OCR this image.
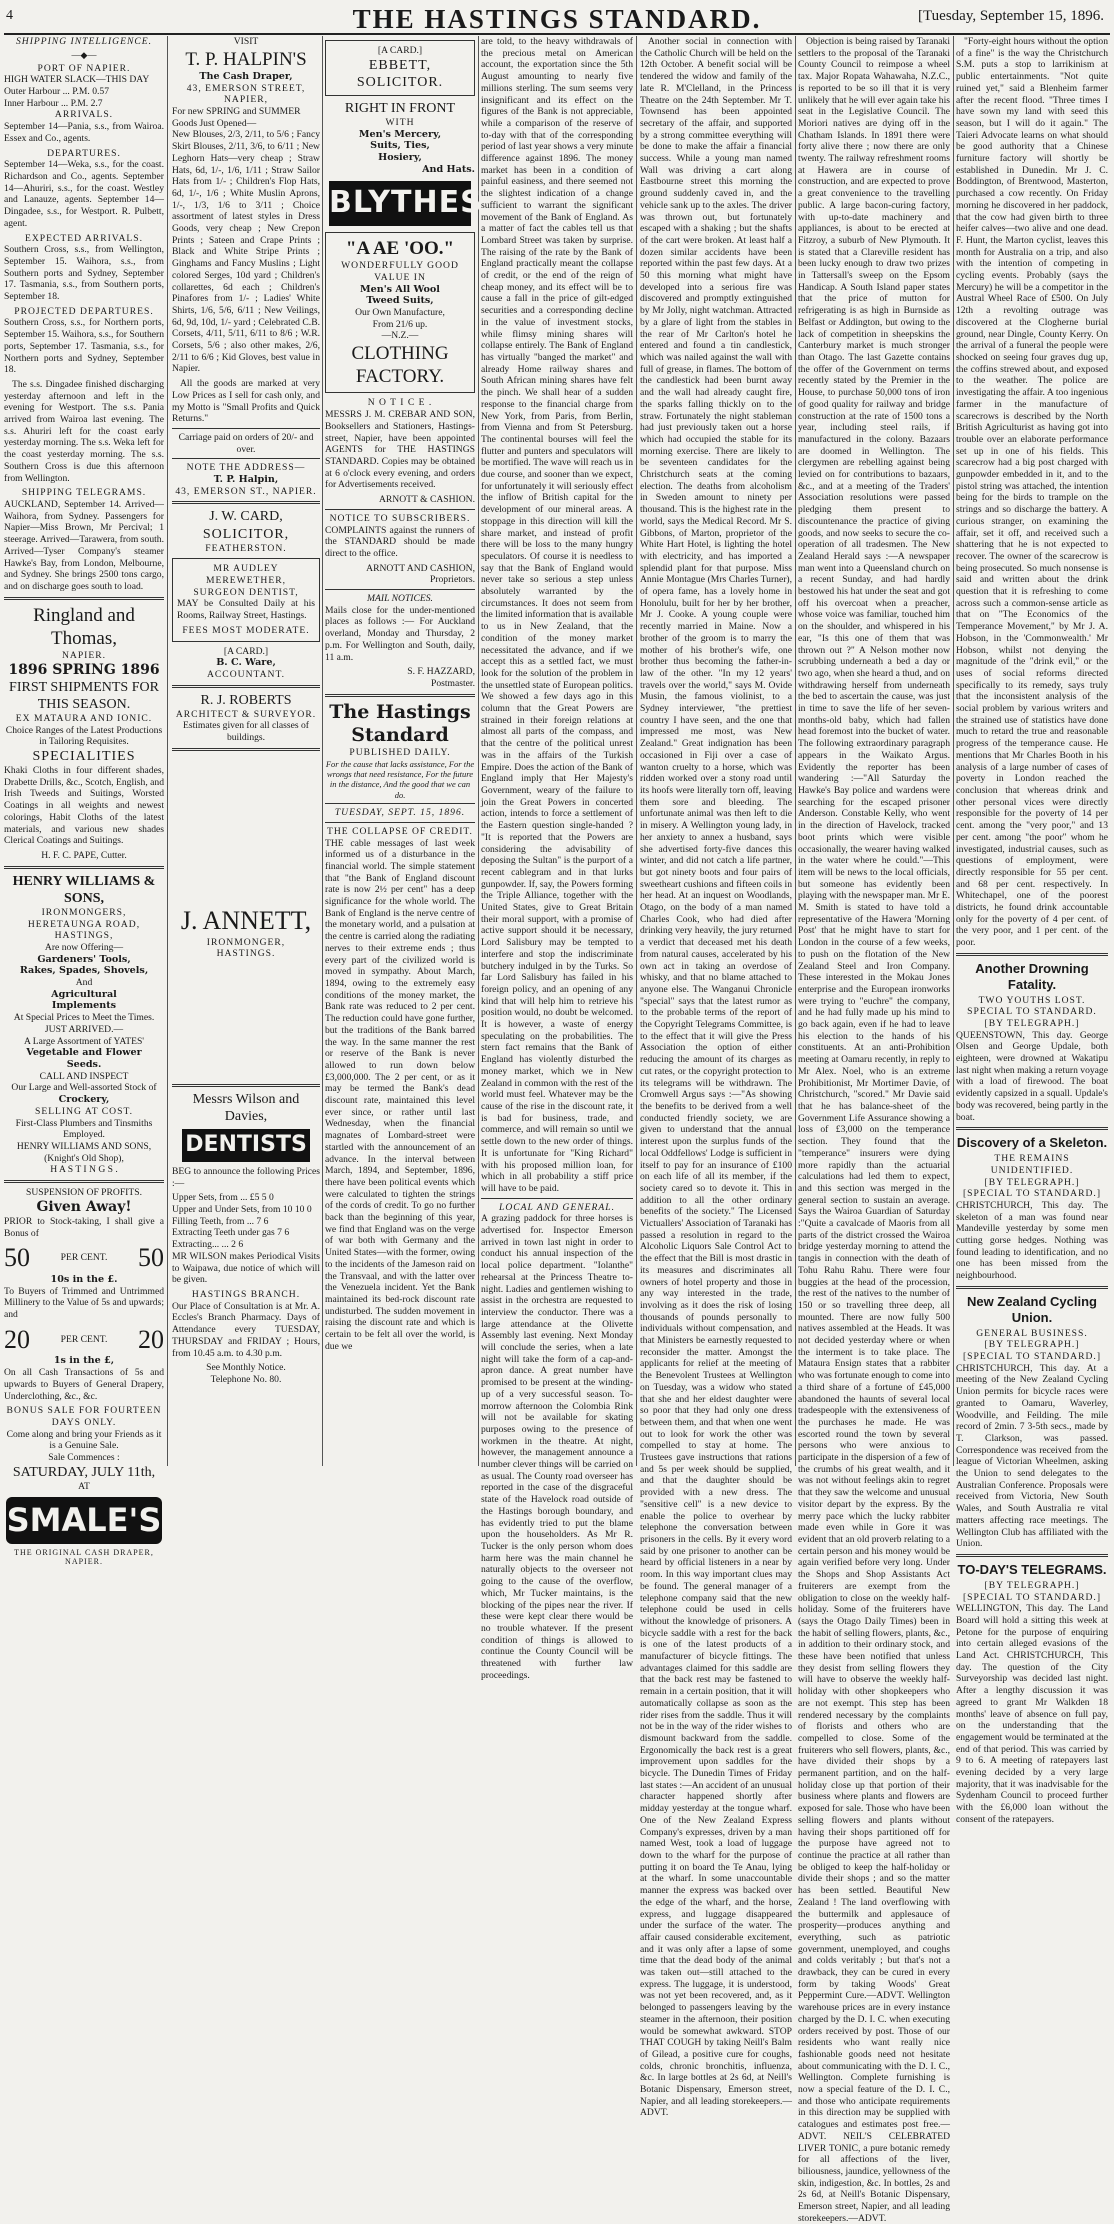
4	THE HASTINGS STANDARD.	[Tuesday, September 15, 1896.
SHIPPING INTELLIGENCE.
—◆—
PORT OF NAPIER.
HIGH WATER SLACK—THIS DAY
Outer Harbour ... P.M. 0.57
Inner Harbour ... P.M. 2.7
ARRIVALS.

September 14—Pania, s.s., from Wairoa. Essex and Co., agents.

DEPARTURES.

September 14—Weka, s.s., for the coast. Richardson and Co., agents. September 14—Ahuriri, s.s., for the coast. Westley and Lanauze, agents. September 14—Dingadee, s.s., for Westport. R. Pulbett, agent.

EXPECTED ARRIVALS.

Southern Cross, s.s., from Wellington, September 15. Waihora, s.s., from Southern ports and Sydney, September 17. Tasmania, s.s., from Southern ports, September 18.

PROJECTED DEPARTURES.

Southern Cross, s.s., for Northern ports, September 15. Waihora, s.s., for Southern ports, September 17. Tasmania, s.s., for Northern ports and Sydney, September 18.

The s.s. Dingadee finished discharging yesterday afternoon and left in the evening for Westport. The s.s. Pania arrived from Wairoa last evening. The s.s. Ahuriri left for the coast early yesterday morning. The s.s. Weka left for the coast yesterday morning. The s.s. Southern Cross is due this afternoon from Wellington.

SHIPPING TELEGRAMS.

AUCKLAND, September 14. Arrived—Waihora, from Sydney. Passengers for Napier—Miss Brown, Mr Percival; 1 steerage. Arrived—Tarawera, from south. Arrived—Tyser Company's steamer Hawke's Bay, from London, Melbourne, and Sydney. She brings 2500 tons cargo, and on discharge goes south to load.

Ringland and Thomas,
NAPIER.
1896 SPRING 1896
FIRST SHIPMENTS FOR THIS SEASON.
EX MATAURA AND IONIC.
Choice Ranges of the Latest Productions in Tailoring Requisites.
SPECIALITIES

Khaki Cloths in four different shades, Drabette Drills, &c., Scotch, English, and Irish Tweeds and Suitings, Worsted Coatings in all weights and newest colorings, Habit Cloths of the latest materials, and various new shades Clerical Coatings and Suitings.

H. F. C. PAPE, Cutter.
HENRY WILLIAMS & SONS,
IRONMONGERS,
HERETAUNGA ROAD, HASTINGS,
Are now Offering—
Gardeners' Tools,
Rakes, Spades, Shovels,
And
Agricultural
Implements
At Special Prices to Meet the Times.
JUST ARRIVED.—
A Large Assortment of YATES'
Vegetable and Flower
Seeds.
CALL AND INSPECT
Our Large and Well-assorted Stock of
Crockery,
SELLING AT COST.
First-Class Plumbers and Tinsmiths Employed.
HENRY WILLIAMS AND SONS,
(Knight's Old Shop),
H A S T I N G S .
SUSPENSION OF PROFITS.
Given Away!

PRIOR to Stock-taking, I shall give a Bonus of

50	PER CENT. 50
10s in the £.

To Buyers of Trimmed and Untrimmed Millinery to the Value of 5s and upwards; and

20	PER CENT. 20
1s in the £,

On all Cash Transactions of 5s and upwards to Buyers of General Drapery, Underclothing, &c., &c.

BONUS SALE FOR FOURTEEN DAYS ONLY.
Come along and bring your Friends as it is a Genuine Sale.
Sale Commences :
SATURDAY, JULY 11th,
AT
SMALE'S
THE ORIGINAL CASH DRAPER, NAPIER.
VISIT
T. P. HALPIN'S
The Cash Draper,
43, EMERSON STREET, NAPIER,
For new SPRING and SUMMER Goods Just Opened—

New Blouses, 2/3, 2/11, to 5/6 ; Fancy Skirt Blouses, 2/11, 3/6, to 6/11 ; New Leghorn Hats—very cheap ; Straw Hats, 6d, 1/-, 1/6, 1/11 ; Straw Sailor Hats from 1/- ; Children's Flop Hats, 6d, 1/-, 1/6 ; White Muslin Aprons, 1/-, 1/3, 1/6 to 3/11 ; Choice assortment of latest styles in Dress Goods, very cheap ; New Crepon Prints ; Sateen and Crape Prints ; Black and White Stripe Prints ; Ginghams and Fancy Muslins ; Light colored Serges, 10d yard ; Children's collarettes, 6d each ; Children's Pinafores from 1/- ; Ladies' White Shirts, 1/6, 5/6, 6/11 ; New Veilings, 6d, 9d, 10d, 1/- yard ; Celebrated C.B. Corsets, 4/11, 5/11, 6/11 to 8/6 ; W.R. Corsets, 5/6 ; also other makes, 2/6, 2/11 to 6/6 ; Kid Gloves, best value in Napier.

All the goods are marked at very Low Prices as I sell for cash only, and my Motto is "Small Profits and Quick Returns."

Carriage paid on orders of 20/- and over.
NOTE THE ADDRESS—
T. P. Halpin,
43, EMERSON ST., NAPIER.
J. W. CARD,
SOLICITOR,
FEATHERSTON.
MR AUDLEY MEREWETHER,
SURGEON DENTIST,

MAY be Consulted Daily at his Rooms, Railway Street, Hastings.

FEES MOST MODERATE.
[A CARD.]
B. C. Ware,
ACCOUNTANT.
R. J. ROBERTS
ARCHITECT & SURVEYOR.
Estimates given for all classes of buildings.
J. ANNETT,
IRONMONGER,
HASTINGS.
Messrs Wilson and Davies,
DENTISTS

BEG to announce the following Prices :—

Upper Sets, from ... £5 5 0
Upper and Under Sets, from 10 10 0
Filling Teeth, from ... 7 6
Extracting Teeth under gas 7 6
Extracting... ... 2 6

MR WILSON makes Periodical Visits to Waipawa, due notice of which will be given.

HASTINGS BRANCH.

Our Place of Consultation is at Mr. A. Eccles's Branch Pharmacy. Days of Attendance every TUESDAY, THURSDAY and FRIDAY ; Hours, from 10.45 a.m. to 4.30 p.m.

See Monthly Notice.
Telephone No. 80.
[A CARD.]
EBBETT,
SOLICITOR.
RIGHT IN FRONT
WITH
Men's Mercery,
Suits, Ties,
Hosiery,
And Hats.
BLYTHES
"A AE 'OO."
WONDERFULLY GOOD VALUE IN
Men's All Wool
Tweed Suits,
Our Own Manufacture,
From 21/6 up.
—N.Z.—
CLOTHING
FACTORY.
N O T I C E .

MESSRS J. M. CREBAR AND SON, Booksellers and Stationers, Hastings-street, Napier, have been appointed AGENTS for THE HASTINGS STANDARD. Copies may be obtained at 6 o'clock every evening, and orders for Advertisements received.

ARNOTT & CASHION.
NOTICE TO SUBSCRIBERS.

COMPLAINTS against the runners of the STANDARD should be made direct to the office.

ARNOTT AND CASHION,
Proprietors.
MAIL NOTICES.

Mails close for the under-mentioned places as follows :— For Auckland overland, Monday and Thursday, 2 p.m. For Wellington and South, daily, 11 a.m.

S. F. HAZZARD,
Postmaster.
The Hastings Standard
PUBLISHED DAILY.
For the cause that lacks assistance, For the wrongs that need resistance, For the future in the distance, And the good that we can do.
TUESDAY, SEPT. 15, 1896.
THE COLLAPSE OF CREDIT.

THE cable messages of last week informed us of a disturbance in the financial world. The simple statement that "the Bank of England discount rate is now 2½ per cent" has a deep significance for the whole world. The Bank of England is the nerve centre of the monetary world, and a pulsation at the centre is carried along the radiating nerves to their extreme ends ; thus every part of the civilized world is moved in sympathy. About March, 1894, owing to the extremely easy conditions of the money market, the Bank rate was reduced to 2 per cent. The reduction could have gone further, but the traditions of the Bank barred the way. In the same manner the rest or reserve of the Bank is never allowed to run down below £3,000,000. The 2 per cent, or as it may be termed the Bank's dead discount rate, maintained this level ever since, or rather until last Wednesday, when the financial magnates of Lombard-street were startled with the announcement of an advance. In the interval between March, 1894, and September, 1896, there have been political events which were calculated to tighten the strings of the cords of credit. To go no further back than the beginning of this year, we find that England was on the verge of war both with Germany and the United States—with the former, owing to the incidents of the Jameson raid on the Transvaal, and with the latter over the Venezuela incident. Yet the Bank maintained its bed-rock discount rate undisturbed. The sudden movement in raising the discount rate and which is certain to be felt all over the world, is due we

are told, to the heavy withdrawals of the precious metal on American account, the exportation since the 5th August amounting to nearly five millions sterling. The sum seems very insignificant and its effect on the figures of the Bank is not appreciable, while a comparison of the reserve of to-day with that of the corresponding period of last year shows a very minute difference against 1896. The money market has been in a condition of painful easiness, and there seemed not the slightest indication of a change sufficient to warrant the significant movement of the Bank of England. As a matter of fact the cables tell us that Lombard Street was taken by surprise. The raising of the rate by the Bank of England practically meant the collapse of credit, or the end of the reign of cheap money, and its effect will be to cause a fall in the price of gilt-edged securities and a corresponding decline in the value of investment stocks, while flimsy mining shares will collapse entirely. The Bank of England has virtually "banged the market" and already Home railway shares and South African mining shares have felt the pinch. We shall hear of a sudden response to the financial charge from New York, from Paris, from Berlin, from Vienna and from St Petersburg. The continental bourses will feel the flutter and punters and speculators will be mortified. The wave will reach us in due course, and sooner than we expect, for unfortunately it will seriously effect the inflow of British capital for the development of our mineral areas. A stoppage in this direction will kill the share market, and instead of profit there will be loss to the many hungry speculators. Of course it is needless to say that the Bank of England would never take so serious a step unless absolutely warranted by the circumstances. It does not seem from the limited information that is available to us in New Zealand, that the condition of the money market necessitated the advance, and if we accept this as a settled fact, we must look for the solution of the problem in the unsettled state of European politics. We showed a few days ago in this column that the Great Powers are strained in their foreign relations at almost all parts of the compass, and that the centre of the political unrest was in the affairs of the Turkish Empire. Does the action of the Bank of England imply that Her Majesty's Government, weary of the failure to join the Great Powers in concerted action, intends to force a settlement of the Eastern question single-handed ? "It is reported that the Powers are considering the advisability of deposing the Sultan" is the purport of a recent cablegram and in that lurks gunpowder. If, say, the Powers forming the Triple Alliance, together with the United States, give to Great Britain their moral support, with a promise of active support should it be necessary, Lord Salisbury may be tempted to interfere and stop the indiscriminate butchery indulged in by the Turks. So far Lord Salisbury has failed in his foreign policy, and an opening of any kind that will help him to retrieve his position would, no doubt be welcomed. It is however, a waste of energy speculating on the probabilities. The stern fact remains that the Bank of England has violently disturbed the money market, which we in New Zealand in common with the rest of the world must feel. Whatever may be the cause of the rise in the discount rate, it is bad for business, trade, and commerce, and will remain so until we settle down to the new order of things. It is unfortunate for "King Richard" with his proposed million loan, for which in all probability a stiff price will have to be paid.

LOCAL AND GENERAL.

A grazing paddock for three horses is advertised for. Inspector Emerson arrived in town last night in order to conduct his annual inspection of the local police department. "Iolanthe" rehearsal at the Princess Theatre to-night. Ladies and gentlemen wishing to assist in the orchestra are requested to interview the conductor. There was a large attendance at the Olivette Assembly last evening. Next Monday will conclude the series, when a late night will take the form of a cap-and-apron dance. A great number have promised to be present at the winding-up of a very successful season. To-morrow afternoon the Colombia Rink will not be available for skating purposes owing to the presence of workmen in the theatre. At night, however, the management announce a number clever things will be carried on as usual. The County road overseer has reported in the case of the disgraceful state of the Havelock road outside of the Hastings borough boundary, and has evidently tried to put the blame upon the householders. As Mr R. Tucker is the only person whom does harm here was the main channel he naturally objects to the overseer not going to the cause of the overflow, which, Mr Tucker maintains, is the blocking of the pipes near the river. If these were kept clear there would be no trouble whatever. If the present condition of things is allowed to continue the County Council will be threatened with further law proceedings.

Another social in connection with the Catholic Church will be held on the 12th October. A benefit social will be tendered the widow and family of the late R. M'Clelland, in the Princess Theatre on the 24th September. Mr T. Townsend has been appointed secretary of the affair, and supported by a strong committee everything will be done to make the affair a financial success. While a young man named Wall was driving a cart along Eastbourne street this morning the ground suddenly caved in, and the vehicle sank up to the axles. The driver was thrown out, but fortunately escaped with a shaking ; but the shafts of the cart were broken. At least half a dozen similar accidents have been reported within the past few days. At a 50 this morning what might have developed into a serious fire was discovered and promptly extinguished by Mr Jolly, night watchman. Attracted by a glare of light from the stables in the rear of Mr Carlton's hotel he entered and found a tin candlestick, which was nailed against the wall with full of grease, in flames. The bottom of the candlestick had been burnt away and the wall had already caught fire, the sparks falling thickly on to the straw. Fortunately the night stableman had just previously taken out a horse which had occupied the stable for its morning exercise. There are likely to be seventeen candidates for the Christchurch seats at the coming election. The deaths from alcoholism in Sweden amount to ninety per thousand. This is the highest rate in the world, says the Medical Record. Mr S. Gibbons, of Marton, proprietor of the White Hart Hotel, is lighting the hotel with electricity, and has imported a splendid plant for that purpose. Miss Annie Montague (Mrs Charles Turner), of opera fame, has a lovely home in Honolulu, built for her by her brother, Mr J. Cooke. A young couple were recently married in Maine. Now a brother of the groom is to marry the mother of his brother's wife, one brother thus becoming the father-in-law of the other. "In my 12 years' travels over the world," says M. Ovide Musin, the famous violinist, to a Sydney interviewer, "the prettiest country I have seen, and the one that impressed me most, was New Zealand." Great indignation has been occasioned in Fiji over a case of wanton cruelty to a horse, which was ridden worked over a stony road until its hoofs were literally torn off, leaving them sore and bleeding. The unfortunate animal was then left to die in misery. A Wellington young lady, in her anxiety to annex a husband, says she advertised forty-five dances this winter, and did not catch a life partner, but got ninety boots and four pairs of sweetheart cushions and fifteen coils in her head. At an inquest on Woodlands, Otago, on the body of a man named Charles Cook, who had died after drinking very heavily, the jury returned a verdict that deceased met his death from natural causes, accelerated by his own act in taking an overdose of whisky, and that no blame attached to anyone else. The Wanganui Chronicle "special" says that the latest rumor as to the probable terms of the report of the Copyright Telegrams Committee, is to the effect that it will give the Press Association the option of either reducing the amount of its charges as cut rates, or the copyright protection to its telegrams will be withdrawn. The Cromwell Argus says :—"As showing the benefits to be derived from a well conducted friendly society, we are given to understand that the annual interest upon the surplus funds of the local Oddfellows' Lodge is sufficient in itself to pay for an insurance of £100 on each life of all its member, if the society cared so to devote it. This in addition to all the other ordinary benefits of the society." The Licensed Victuallers' Association of Taranaki has passed a resolution in regard to the Alcoholic Liquors Sale Control Act to the effect that the Bill is most drastic in its measures and discriminates all owners of hotel property and those in any way interested in the trade, involving as it does the risk of losing thousands of pounds personally to individuals without compensation, and that Ministers be earnestly requested to reconsider the matter. Amongst the applicants for relief at the meeting of the Benevolent Trustees at Wellington on Tuesday, was a widow who stated that she and her eldest daughter were so poor that they had only one dress between them, and that when one went out to look for work the other was compelled to stay at home. The Trustees gave instructions that rations and 5s per week should be supplied, and that the daughter should be provided with a new dress. The "sensitive cell" is a new device to enable the police to overhear by telephone the conversation between prisoners in the cells. By it every word said by one prisoner to another can be heard by official listeners in a near by room. In this way important clues may be found. The general manager of a telephone company said that the new telephone could be used in cells without the knowledge of prisoners. A bicycle saddle with a rest for the back is one of the latest products of a manufacturer of bicycle fittings. The advantages claimed for this saddle are that the back rest may be fastened to remain in a certain position, that it will automatically collapse as soon as the rider rises from the saddle. Thus it will not be in the way of the rider wishes to dismount backward from the saddle. Ergonomically the back rest is a great improvement upon saddles for the bicycle. The Dunedin Times of Friday last states :—An accident of an unusual character happened shortly after midday yesterday at the tongue wharf. One of the New Zealand Express Company's expresses, driven by a man named West, took a load of luggage down to the wharf for the purpose of putting it on board the Te Anau, lying at the wharf. In some unaccountable manner the express was backed over the edge of the wharf, and the horse, express, and luggage disappeared under the surface of the water. The affair caused considerable excitement, and it was only after a lapse of some time that the dead body of the animal was taken out—still attached to the express. The luggage, it is understood, was not yet been recovered, and, as it belonged to passengers leaving by the steamer in the afternoon, their position would be somewhat awkward. STOP THAT COUGH by taking Neill's Balm of Gilead, a positive cure for coughs, colds, chronic bronchitis, influenza, &c. In large bottles at 2s 6d, at Neill's Botanic Dispensary, Emerson street, Napier, and all leading storekeepers.—ADVT.

Objection is being raised by Taranaki settlers to the proposal of the Taranaki County Council to reimpose a wheel tax. Major Ropata Wahawaha, N.Z.C., is reported to be so ill that it is very unlikely that he will ever again take his seat in the Legislative Council. The Moriori natives are dying off in the Chatham Islands. In 1891 there were forty alive there ; now there are only twenty. The railway refreshment rooms at Hawera are in course of construction, and are expected to prove a great convenience to the travelling public. A large bacon-curing factory, with up-to-date machinery and appliances, is about to be erected at Fitzroy, a suburb of New Plymouth. It is stated that a Clareville resident has been lucky enough to draw two prizes in Tattersall's sweep on the Epsom Handicap. A South Island paper states that the price of mutton for refrigerating is as high in Burnside as Belfast or Addington, but owing to the lack of competition in sheepskins the Canterbury market is much stronger than Otago. The last Gazette contains the offer of the Government on terms recently stated by the Premier in the House, to purchase 50,000 tons of iron of good quality for railway and bridge construction at the rate of 1500 tons a year, including steel rails, if manufactured in the colony. Bazaars are doomed in Wellington. The clergymen are rebelling against being levied on for contributions to bazaars, &c., and at a meeting of the Traders' Association resolutions were passed pledging them present to discountenance the practice of giving goods, and now seeks to secure the co-operation of all tradesmen. The New Zealand Herald says :—A newspaper man went into a Queensland church on a recent Sunday, and had hardly bestowed his hat under the seat and got off his overcoat when a preacher, whose voice was familiar, touched him on the shoulder, and whispered in his ear, "Is this one of them that was thrown out ?" A Nelson mother now scrubbing underneath a bed a day or two ago, when she heard a thud, and on withdrawing herself from underneath the bed to ascertain the cause, was just in time to save the life of her seven-months-old baby, which had fallen head foremost into the bucket of water. The following extraordinary paragraph appears in the Waikato Argus. Evidently the reporter has been wandering :—"All Saturday the Hawke's Bay police and wardens were searching for the escaped prisoner Anderson. Constable Kelly, who went in the direction of Havelock, tracked boot prints which were visible occasionally, the wearer having walked in the water where he could."—This item will be news to the local officials, but someone has evidently been playing with the newspaper man. Mr E. M. Smith is stated to have told a representative of the Hawera 'Morning Post' that he might have to start for London in the course of a few weeks, to push on the flotation of the New Zealand Steel and Iron Company. These interested in the Mokau Jones enterprise and the European ironworks were trying to "euchre" the company, and he had fully made up his mind to go back again, even if he had to leave his election to the hands of his constituents. At an anti-Prohibition meeting at Oamaru recently, in reply to Mr Alex. Noel, who is an extreme Prohibitionist, Mr Mortimer Davie, of Christchurch, "scored." Mr Davie said that he has balance-sheet of the Government Life Assurance showing a loss of £3,000 on the temperance section. They found that the "temperance" insurers were dying more rapidly than the actuarial calculations had led them to expect, and this section was merged in the general section to sustain an average. Says the Wairoa Guardian of Saturday :"Quite a cavalcade of Maoris from all parts of the district crossed the Wairoa bridge yesterday morning to attend the tangis in connection with the death of Tohu Rahu Rahu. There were four buggies at the head of the procession, the rest of the natives to the number of 150 or so travelling three deep, all mounted. There are now fully 500 natives assembled at the Heads. It was not decided yesterday where or when the interment is to take place. The Mataura Ensign states that a rabbiter who was fortunate enough to come into a third share of a fortune of £45,000 abandoned the haunts of several local tradespeople with the extensiveness of the purchases he made. He was escorted round the town by several persons who were anxious to participate in the dispersion of a few of the crumbs of his great wealth, and it was not without feelings akin to regret that they saw the welcome and unusual visitor depart by the express. By the merry pace which the lucky rabbiter made even while in Gore it was evident that an old proverb relating to a certain person and his money would be again verified before very long. Under the Shops and Shop Assistants Act fruiterers are exempt from the obligation to close on the weekly half-holiday. Some of the fruiterers have (says the Otago Daily Times) been in the habit of selling flowers, plants, &c., in addition to their ordinary stock, and these have been notified that unless they desist from selling flowers they will have to observe the weekly half-holiday with other shopkeepers who are not exempt. This step has been rendered necessary by the complaints of florists and others who are compelled to close. Some of the fruiterers who sell flowers, plants, &c., have divided their shops by a permanent partition, and on the half-holiday close up that portion of their business where plants and flowers are exposed for sale. Those who have been selling flowers and plants without having their shops partitioned off for the purpose have agreed not to continue the practice at all rather than be obliged to keep the half-holiday or divide their shops ; and so the matter has been settled. Beautiful New Zealand ! The land overflowing with the buttermilk and applesauce of prosperity—produces anything and everything, such as patriotic government, unemployed, and coughs and colds veritably ; but that's not a drawback, they can be cured in every form by taking Woods' Great Peppermint Cure.—ADVT. Wellington warehouse prices are in every instance charged by the D. I. C. when executing orders received by post. Those of our residents who want really nice fashionable goods need not hesitate about communicating with the D. I. C., Wellington. Complete furnishing is now a special feature of the D. I. C., and those who anticipate requirements in this direction may be supplied with catalogues and estimates post free.—ADVT. NEIL'S CELEBRATED LIVER TONIC, a pure botanic remedy for all affections of the liver, biliousness, jaundice, yellowness of the skin, indigestion, &c. In bottles, 2s and 2s 6d, at Neill's Botanic Dispensary, Emerson street, Napier, and all leading storekeepers.—ADVT.

"Forty-eight hours without the option of a fine" is the way the Christchurch S.M. puts a stop to larrikinism at public entertainments. "Not quite ruined yet," said a Blenheim farmer after the recent flood. "Three times I have sown my land with seed this season, but I will do it again." The Taieri Advocate learns on what should be good authority that a Chinese furniture factory will shortly be established in Dunedin. Mr J. C. Boddington, of Brentwood, Masterton, purchased a cow recently. On Friday morning he discovered in her paddock, that the cow had given birth to three heifer calves—two alive and one dead. F. Hunt, the Marton cyclist, leaves this month for Australia on a trip, and also with the intention of competing in cycling events. Probably (says the Mercury) he will be a competitor in the Austral Wheel Race of £500. On July 12th a revolting outrage was discovered at the Clogherne burial ground, near Dingle, County Kerry. On the arrival of a funeral the people were shocked on seeing four graves dug up, the coffins strewed about, and exposed to the weather. The police are investigating the affair. A too ingenious farmer in the manufacture of scarecrows is described by the North British Agriculturist as having got into trouble over an elaborate performance set up in one of his fields. This scarecrow had a big post charged with gunpowder embedded in it, and to the pistol string was attached, the intention being for the birds to trample on the strings and so discharge the battery. A curious stranger, on examining the affair, set it off, and received such a shattering that he is not expected to recover. The owner of the scarecrow is being prosecuted. So much nonsense is said and written about the drink question that it is refreshing to come across such a common-sense article as that on "The Economics of the Temperance Movement," by Mr J. A. Hobson, in the 'Commonwealth.' Mr Hobson, whilst not denying the magnitude of the "drink evil," or the uses of social reforms directed specifically to its remedy, says truly that the inconsistent analysis of the social problem by various writers and the strained use of statistics have done much to retard the true and reasonable progress of the temperance cause. He mentions that Mr Charles Booth in his analysis of a large number of cases of poverty in London reached the conclusion that whereas drink and other personal vices were directly responsible for the poverty of 14 per cent. among the "very poor," and 13 per cent. among "the poor" whom he investigated, industrial causes, such as questions of employment, were directly responsible for 55 per cent. and 68 per cent. respectively. In Whitechapel, one of the poorest districts, he found drink accountable only for the poverty of 4 per cent. of the very poor, and 1 per cent. of the poor.

Another Drowning Fatality.
TWO YOUTHS LOST.
SPECIAL TO STANDARD.
[BY TELEGRAPH.]

QUEENSTOWN, This day. George Olsen and George Updale, both eighteen, were drowned at Wakatipu last night when making a return voyage with a load of firewood. The boat evidently capsized in a squall. Updale's body was recovered, being partly in the boat.

Discovery of a Skeleton.
THE REMAINS UNIDENTIFIED.
[BY TELEGRAPH.]
[SPECIAL TO STANDARD.]

CHRISTCHURCH, This day. The skeleton of a man was found near Mandeville yesterday by some men cutting gorse hedges. Nothing was found leading to identification, and no one has been missed from the neighbourhood.

New Zealand Cycling Union.
GENERAL BUSINESS.
[BY TELEGRAPH.]
[SPECIAL TO STANDARD.]

CHRISTCHURCH, This day. At a meeting of the New Zealand Cycling Union permits for bicycle races were granted to Oamaru, Waverley, Woodville, and Feilding. The mile record of 2min. 7 3-5th secs., made by T. Clarkson, was passed. Correspondence was received from the league of Victorian Wheelmen, asking the Union to send delegates to the Australian Conference. Proposals were received from Victoria, New South Wales, and South Australia re vital matters affecting race meetings. The Wellington Club has affiliated with the Union.

TO-DAY'S TELEGRAMS.
[BY TELEGRAPH.]
[SPECIAL TO STANDARD.]

WELLINGTON, This day. The Land Board will hold a sitting this week at Petone for the purpose of enquiring into certain alleged evasions of the Land Act. CHRISTCHURCH, This day. The question of the City Surveyorship was decided last night. After a lengthy discussion it was agreed to grant Mr Walkden 18 months' leave of absence on full pay, on the understanding that the engagement would be terminated at the end of that period. This was carried by 9 to 6. A meeting of ratepayers last evening decided by a very large majority, that it was inadvisable for the Sydenham Council to proceed further with the £6,000 loan without the consent of the ratepayers.
